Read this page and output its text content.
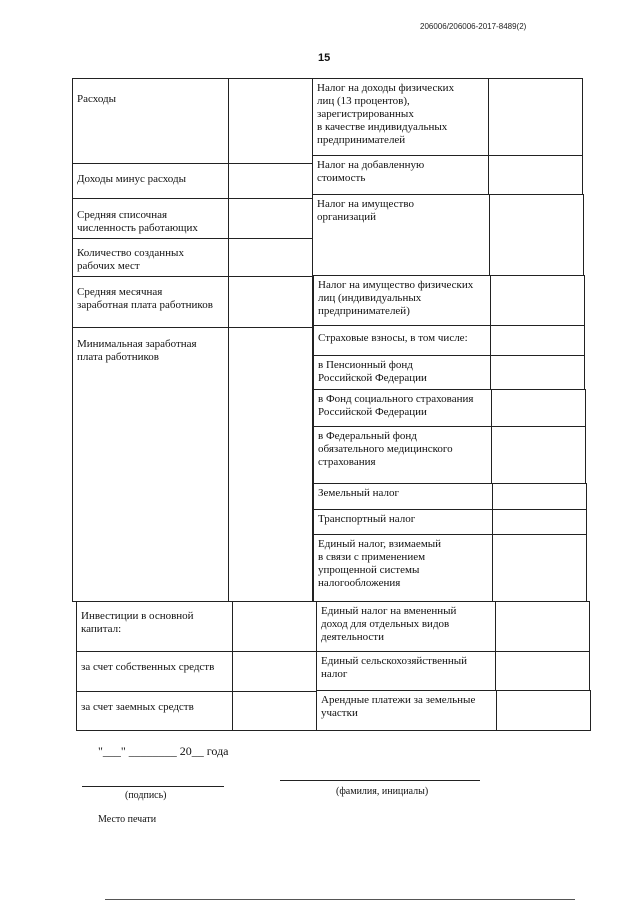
206006/206006-2017-8489(2)
15
Расходы
Доходы минус расходы
Средняя списочная
численность работающих
Количество созданных
рабочих мест
Средняя месячная
заработная плата работников
Минимальная заработная
плата работников
Инвестиции в основной
капитал:
за счет собственных средств
за счет заемных средств
Налог на доходы физических
лиц (13 процентов),
зарегистрированных
в качестве индивидуальных
предпринимателей
Налог на добавленную
стоимость
Налог на имущество
организаций
Налог на имущество физических
лиц (индивидуальных
предпринимателей)
Страховые взносы, в том числе:
в Пенсионный фонд
Российской Федерации
в Фонд социального страхования
Российской Федерации
в Федеральный фонд
обязательного медицинского
страхования
Земельный налог
Транспортный налог
Единый налог, взимаемый
в связи с применением
упрощенной системы
налогообложения
Единый налог на вмененный
доход для отдельных видов
деятельности
Единый сельскохозяйственный
налог
Арендные платежи за земельные
участки
"___" ________ 20__ года
(подпись)	(фамилия, инициалы)
Место печати
